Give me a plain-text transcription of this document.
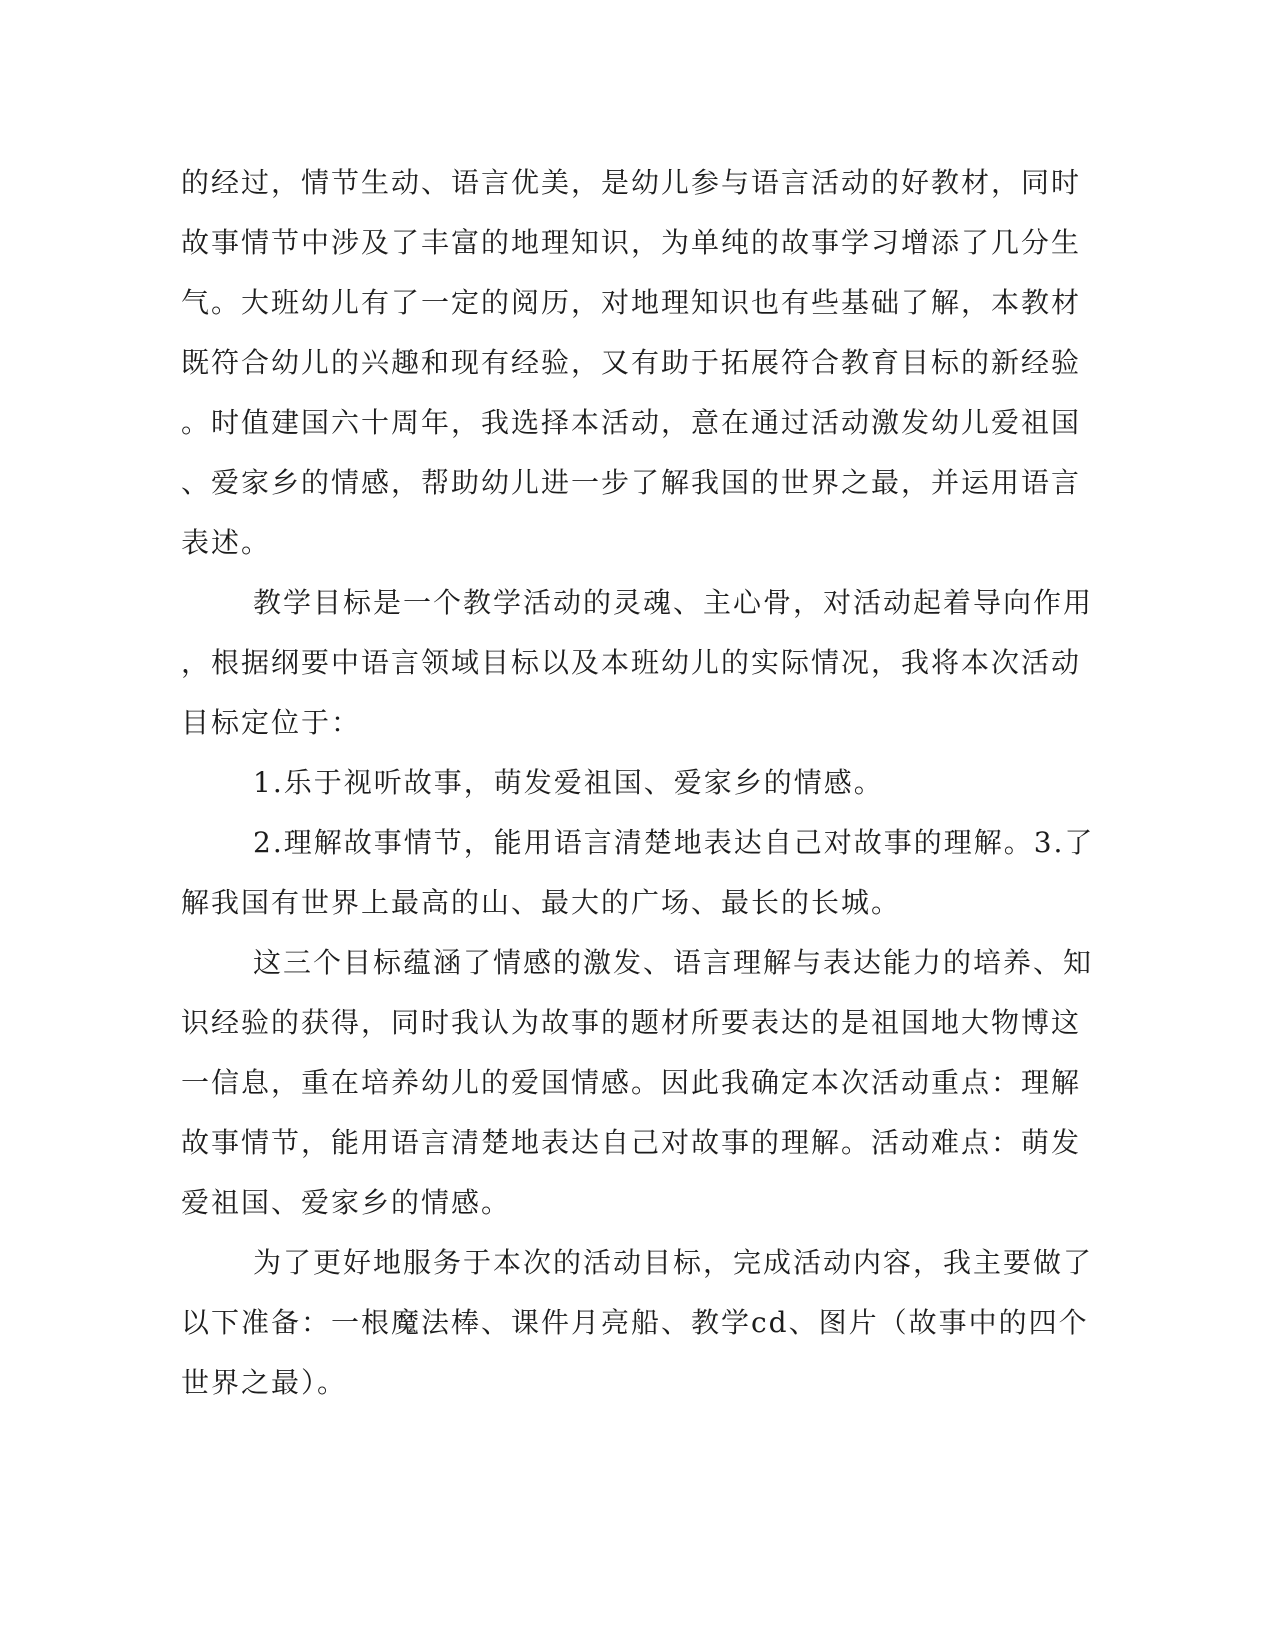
的经过，情节生动、语言优美，是幼儿参与语言活动的好教材，同时
故事情节中涉及了丰富的地理知识，为单纯的故事学习增添了几分生
气。大班幼儿有了一定的阅历，对地理知识也有些基础了解，本教材
既符合幼儿的兴趣和现有经验，又有助于拓展符合教育目标的新经验
。时值建国六十周年，我选择本活动，意在通过活动激发幼儿爱祖国
、爱家乡的情感，帮助幼儿进一步了解我国的世界之最，并运用语言
表述。
教学目标是一个教学活动的灵魂、主心骨，对活动起着导向作用
，根据纲要中语言领域目标以及本班幼儿的实际情况，我将本次活动
目标定位于：
1.乐于视听故事，萌发爱祖国、爱家乡的情感。
2.理解故事情节，能用语言清楚地表达自己对故事的理解。3.了
解我国有世界上最高的山、最大的广场、最长的长城。
这三个目标蕴涵了情感的激发、语言理解与表达能力的培养、知
识经验的获得，同时我认为故事的题材所要表达的是祖国地大物博这
一信息，重在培养幼儿的爱国情感。因此我确定本次活动重点：理解
故事情节，能用语言清楚地表达自己对故事的理解。活动难点：萌发
爱祖国、爱家乡的情感。
为了更好地服务于本次的活动目标，完成活动内容，我主要做了
以下准备：一根魔法棒、课件月亮船、教学cd、图片（故事中的四个
世界之最）。
